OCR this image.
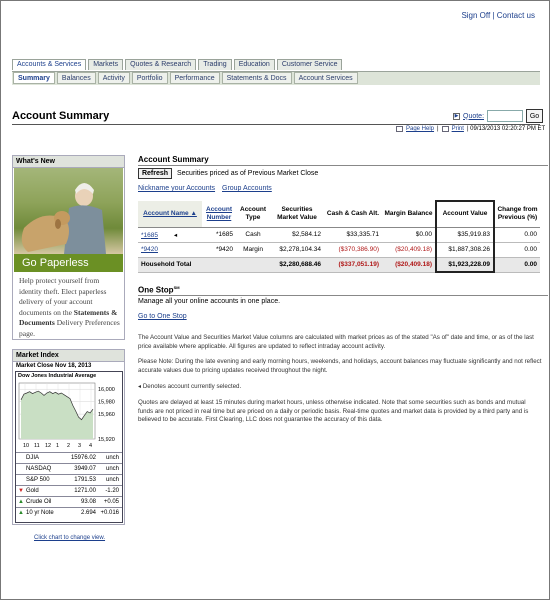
Sign Off | Contact us
Accounts & Services	Markets	Quotes & Research	Trading	Education	Customer Service
Summary	Balances	Activity	Portfolio	Performance	Statements & Docs	Account Services
Account Summary	▶ Quote:	Go
Page Help | Print | 09/13/2013 02:20:27 PM ET
What's New
Go Paperless
Help protect yourself from identity theft. Elect paperless delivery of your account documents on the Statements & Documents Delivery Preferences page.
Market Index
Market Close Nov 18, 2013
Dow Jones Industrial Average
16,000
15,980
15,960
15,920
10 11 12 1 2 3 4
DJIA	15976.02	unch
NASDAQ	3949.07	unch
S&P 500	1791.53	unch
▼ Gold	1271.00	-1.20
▲ Crude Oil	93.08	+0.05
▲ 10 yr Note	2.694 +0.016
Click chart to change view.
Account Summary
Refresh	Securities priced as of Previous Market Close
Nickname your Accounts Group Accounts
Account Name ▲	Account Number	Account Type	Securities Market Value	Cash & Cash Alt.	Margin Balance	Account Value	Change from Previous (%)
*1685 ◂	*1685	Cash	$2,584.12	$33,335.71	$0.00	$35,919.83	0.00
*9420	*9420	Margin	$2,278,104.34	($370,386.90)	($20,409.18)	$1,887,308.26	0.00
Household Total			$2,280,688.46	($337,051.19)	($20,409.18)	$1,923,228.09	0.00
One Stop℠
Manage all your online accounts in one place.
Go to One Stop
The Account Value and Securities Market Value columns are calculated with market prices as of the stated "As of" date and time, or as of the last price available where applicable. All figures are updated to reflect intraday account activity.
Please Note: During the late evening and early morning hours, weekends, and holidays, account balances may fluctuate significantly and not reflect accurate values due to pricing updates received throughout the night.
◂ Denotes account currently selected.
Quotes are delayed at least 15 minutes during market hours, unless otherwise indicated. Note that some securities such as bonds and mutual funds are not priced in real time but are priced on a daily or periodic basis. Real-time quotes and market data is provided by a third party and is believed to be accurate. First Clearing, LLC does not guarantee the accuracy of this data.
